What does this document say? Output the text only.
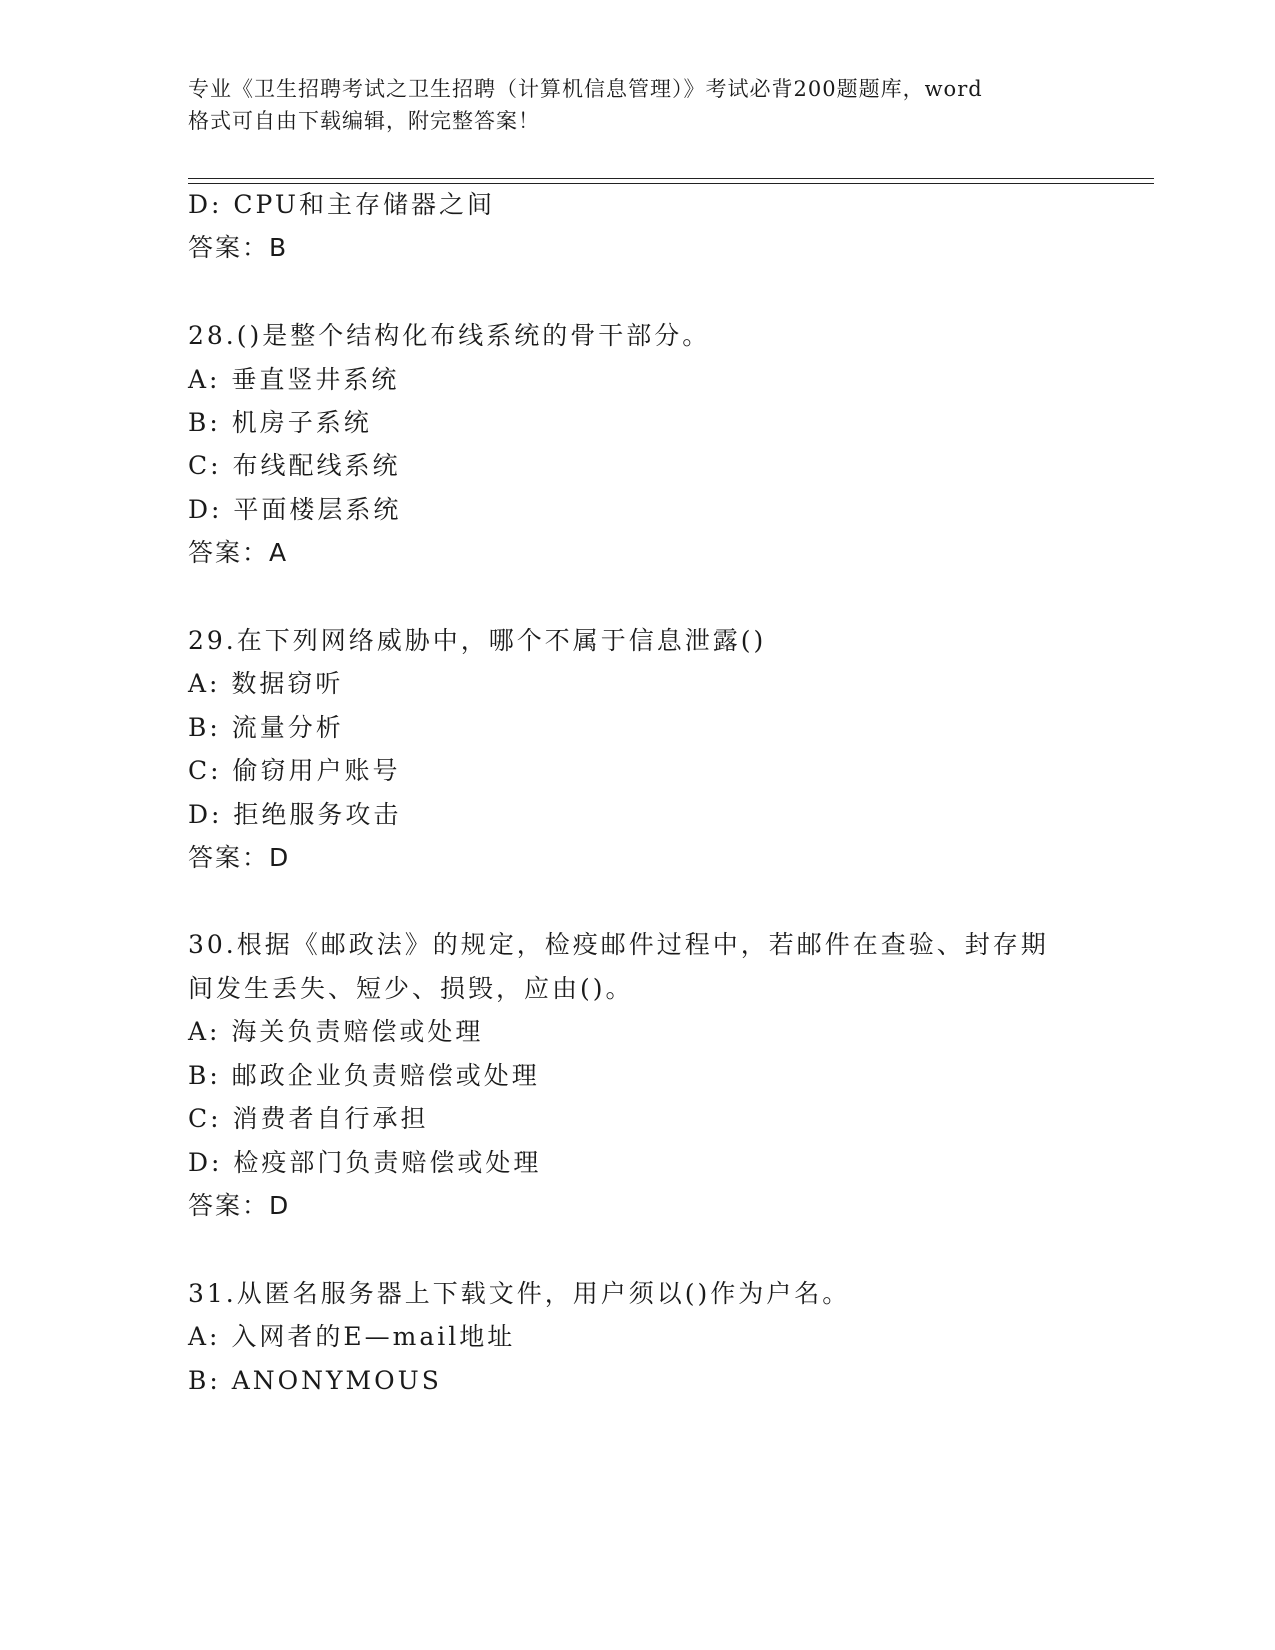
专业《卫生招聘考试之卫生招聘（计算机信息管理）》考试必背200题题库，word
格式可自由下载编辑，附完整答案！
D: CPU和主存储器之间
答案：B
28.()是整个结构化布线系统的骨干部分。
A: 垂直竖井系统
B: 机房子系统
C: 布线配线系统
D: 平面楼层系统
答案：A
29.在下列网络威胁中，哪个不属于信息泄露()
A: 数据窃听
B: 流量分析
C: 偷窃用户账号
D: 拒绝服务攻击
答案：D
30.根据《邮政法》的规定，检疫邮件过程中，若邮件在查验、封存期
间发生丢失、短少、损毁，应由()。
A: 海关负责赔偿或处理
B: 邮政企业负责赔偿或处理
C: 消费者自行承担
D: 检疫部门负责赔偿或处理
答案：D
31.从匿名服务器上下载文件，用户须以()作为户名。
A: 入网者的E—mail地址
B: ANONYMOUS
